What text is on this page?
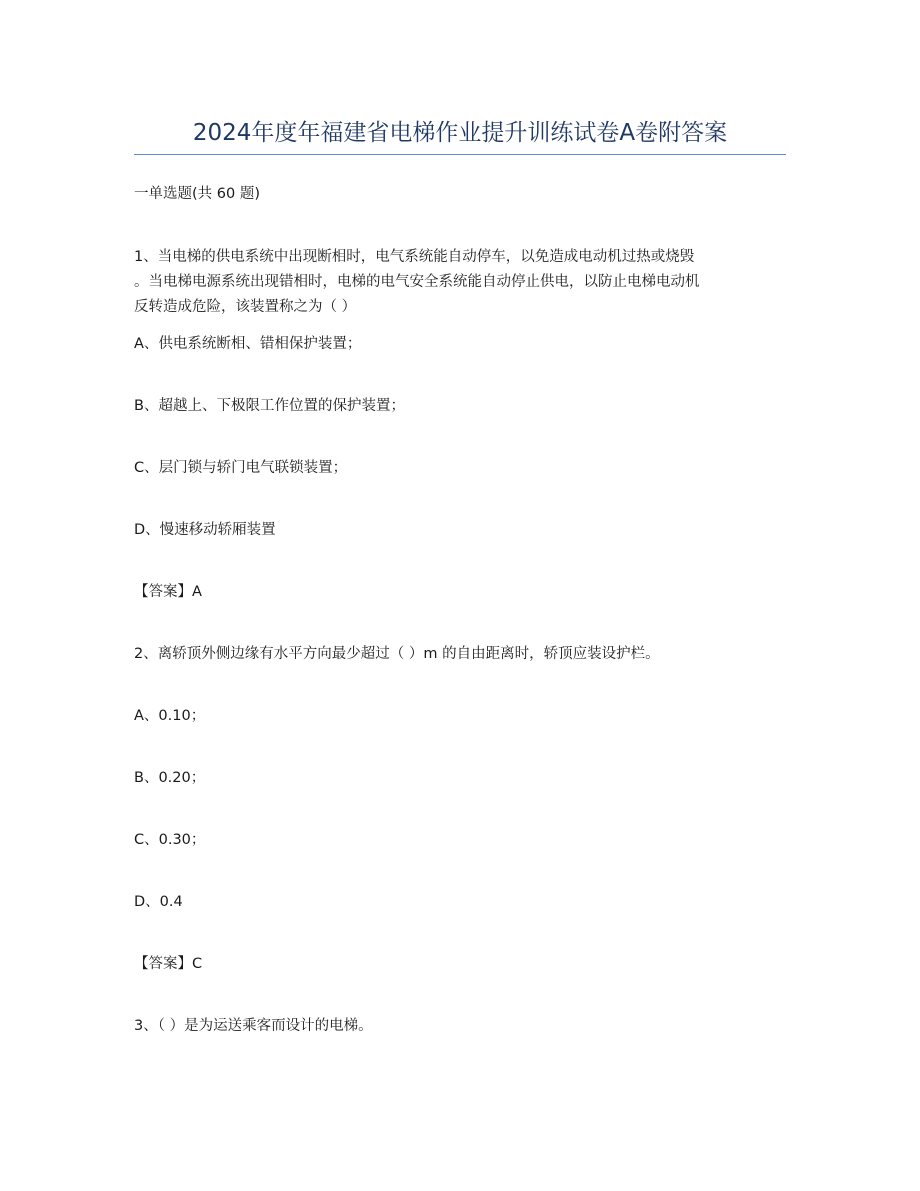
2024年度年福建省电梯作业提升训练试卷A卷附答案
一单选题(共 60 题)
1、当电梯的供电系统中出现断相时，电气系统能自动停车，以免造成电动机过热或烧毁
。当电梯电源系统出现错相时，电梯的电气安全系统能自动停止供电，以防止电梯电动机
反转造成危险，该装置称之为（ ）
A、供电系统断相、错相保护装置；
B、超越上、下极限工作位置的保护装置；
C、层门锁与轿门电气联锁装置；
D、慢速移动轿厢装置
【答案】A
2、离轿顶外侧边缘有水平方向最少超过（ ）m 的自由距离时，轿顶应装设护栏。
A、0.10；
B、0.20；
C、0.30；
D、0.4
【答案】C
3、（ ）是为运送乘客而设计的电梯。
